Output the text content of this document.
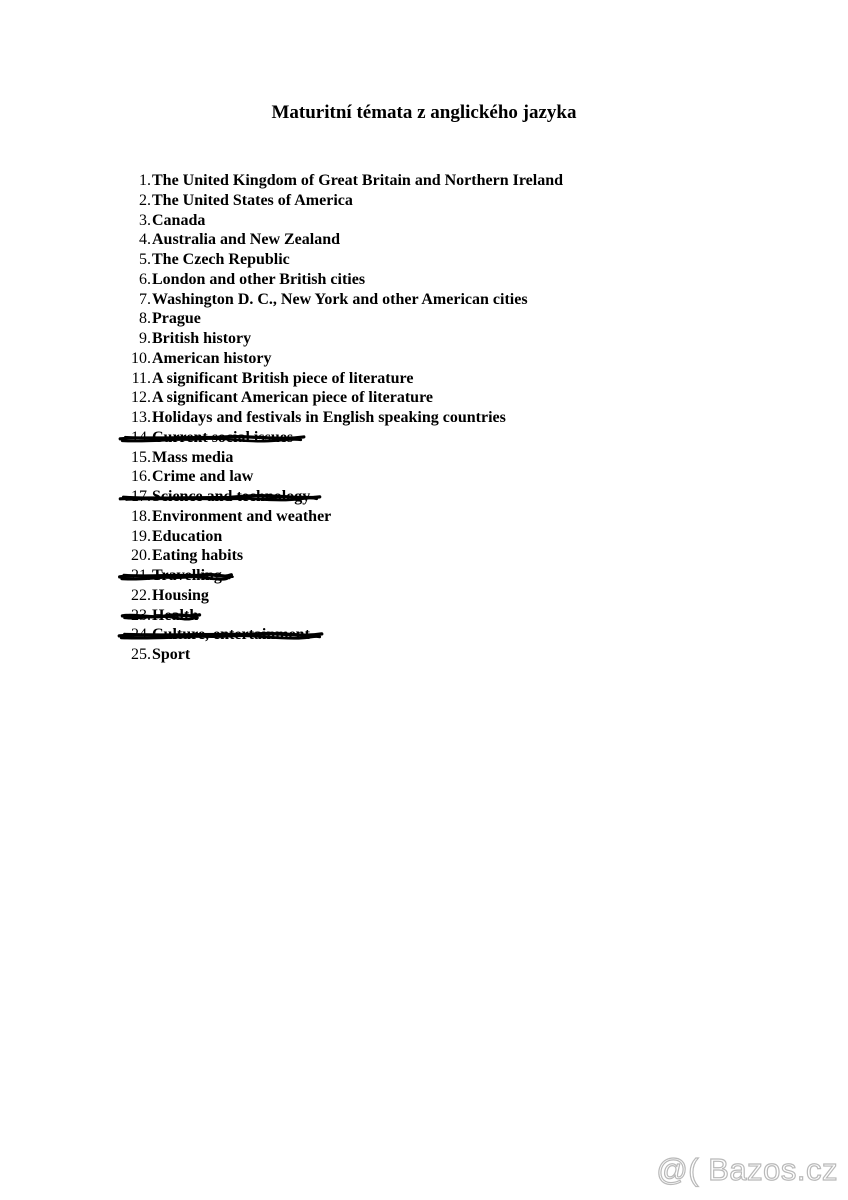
Maturitní témata z anglického jazyka
1.The United Kingdom of Great Britain and Northern Ireland
2.The United States of America
3.Canada
4.Australia and New Zealand
5.The Czech Republic
6.London and other British cities
7.Washington D. C., New York and other American cities
8.Prague
9.British history
10.American history
11.A significant British piece of literature
12.A significant American piece of literature
13.Holidays and festivals in English speaking countries
14.Current social issues
15.Mass media
16.Crime and law
17.Science and technology
18.Environment and weather
19.Education
20.Eating habits
21.Travelling
22.Housing
23.Health
24.Culture, entertainment
25.Sport
@( Bazos.cz
